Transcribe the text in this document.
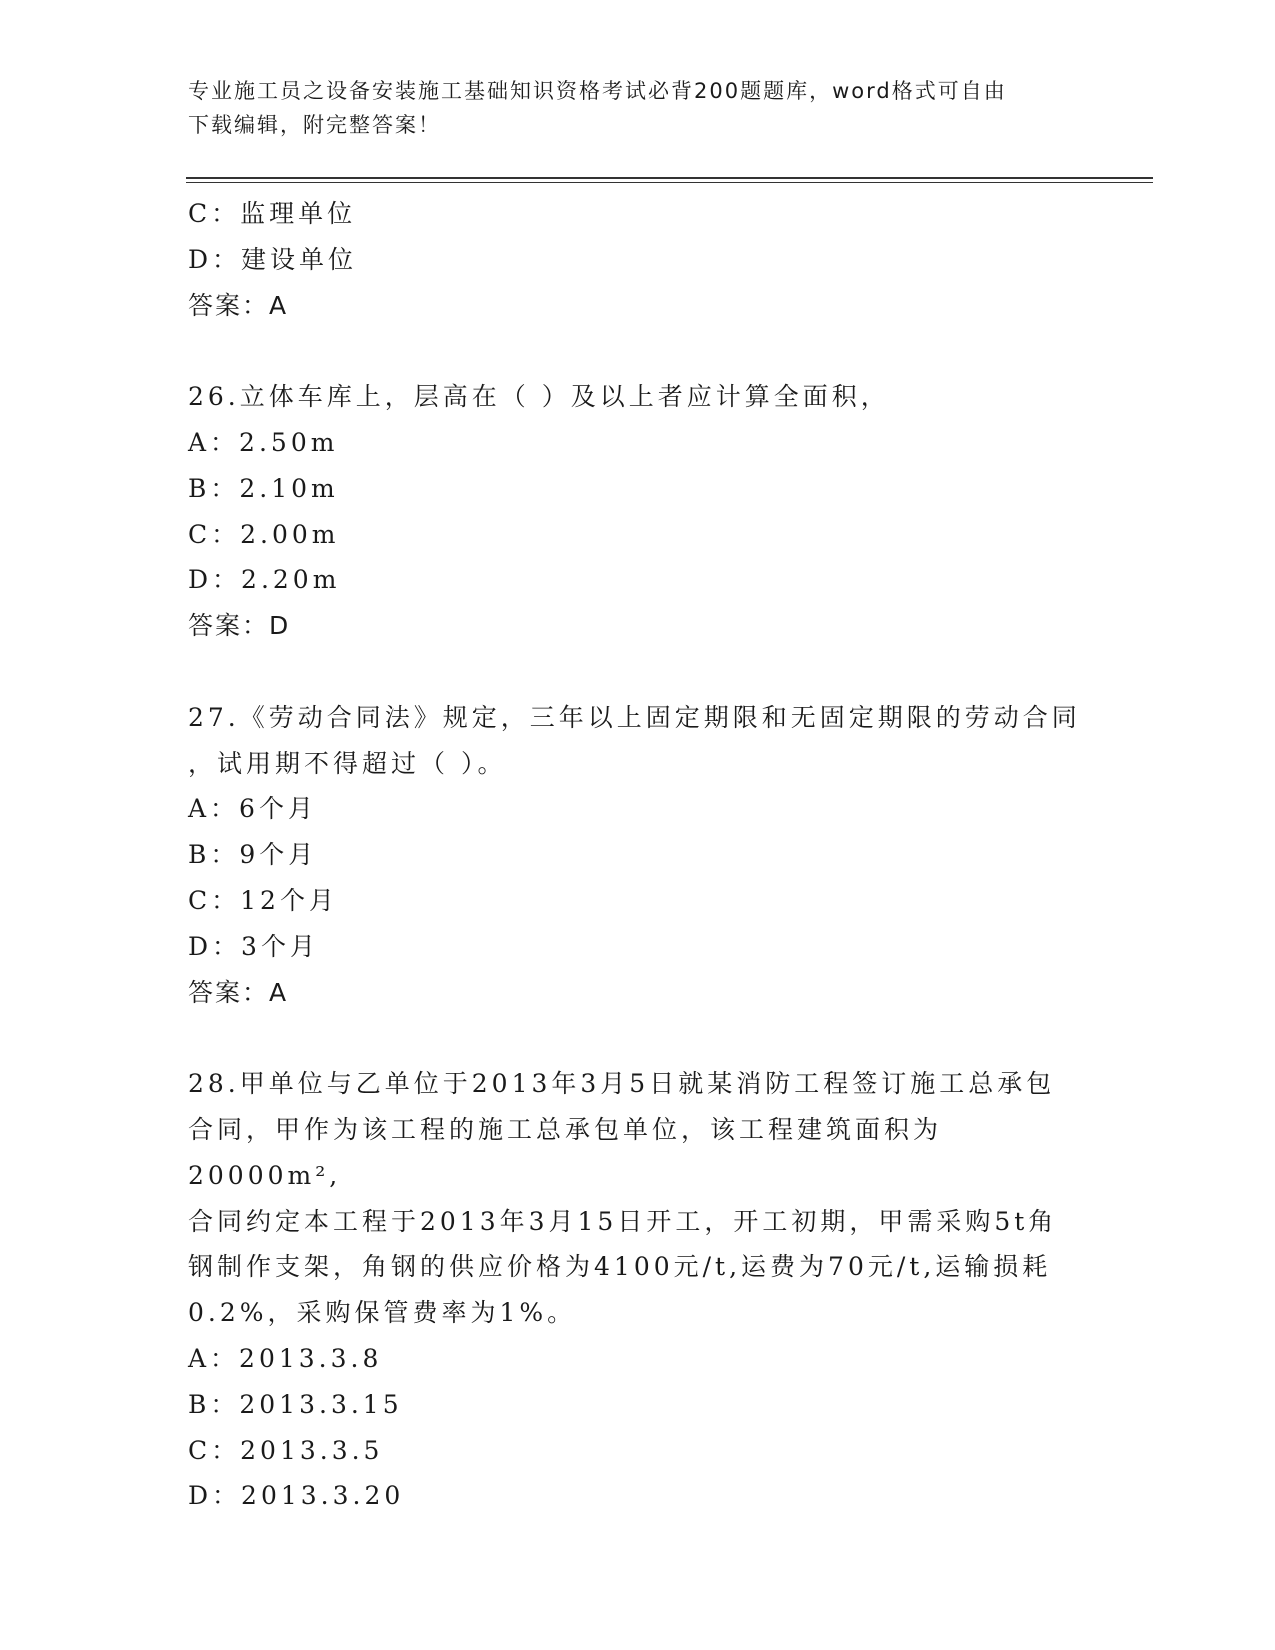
专业施工员之设备安装施工基础知识资格考试必背200题题库，word格式可自由
下载编辑，附完整答案！
C：监理单位
D：建设单位
答案：A
26.立体车库上，层高在（ ）及以上者应计算全面积，
A：2.50m
B：2.10m
C：2.00m
D：2.20m
答案：D
27.《劳动合同法》规定，三年以上固定期限和无固定期限的劳动合同
，试用期不得超过（ ）。
A：6个月
B：9个月
C：12个月
D：3个月
答案：A
28.甲单位与乙单位于2013年3月5日就某消防工程签订施工总承包
合同，甲作为该工程的施工总承包单位，该工程建筑面积为20000m²,
合同约定本工程于2013年3月15日开工，开工初期，甲需采购5t角
钢制作支架，角钢的供应价格为4100元/t,运费为70元/t,运输损耗
0.2%，采购保管费率为1%。
A：2013.3.8
B：2013.3.15
C：2013.3.5
D：2013.3.20
